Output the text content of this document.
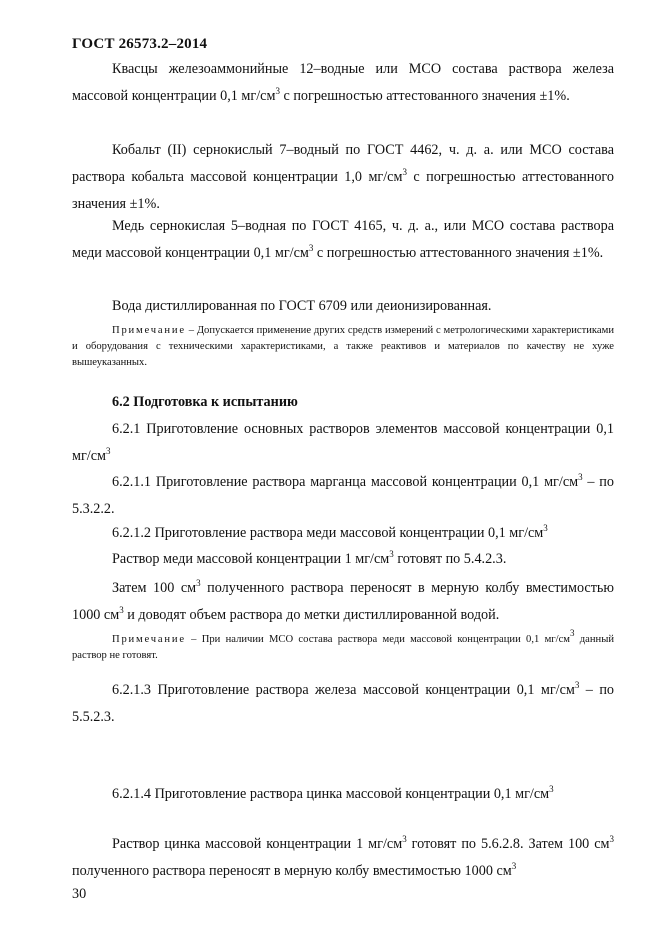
ГОСТ 26573.2–2014

Квасцы железоаммонийные 12–водные или МСО состава раствора железа массовой концентрации 0,1 $мг/см^3$ с погрешностью аттестованного значения ±1%.

Кобальт (II) сернокислый 7–водный по ГОСТ 4462, ч. д. а. или МСО состава раствора кобальта массовой концентрации 1,0 $мг/см^3$ с погрешностью аттестованного значения ±1%.

Медь сернокислая 5–водная по ГОСТ 4165, ч. д. а., или МСО состава раствора меди массовой концентрации 0,1 $мг/см^3$ с погрешностью аттестованного значения ±1%.

Вода дистиллированная по ГОСТ 6709 или деионизированная.

Примечание – Допускается применение других средств измерений с метрологическими характеристиками и оборудования с техническими характеристиками, а также реактивов и материалов по качеству не хуже вышеуказанных.

6.2 Подготовка к испытанию

6.2.1 Приготовление основных растворов элементов массовой концентрации 0,1 $мг/см^3$

6.2.1.1 Приготовление раствора марганца массовой концентрации 0,1 $мг/см^3$ – по 5.3.2.2.

6.2.1.2 Приготовление раствора меди массовой концентрации 0,1 $мг/см^3$

Раствор меди массовой концентрации 1 $мг/см^3$ готовят по 5.4.2.3.

Затем 100 $см^3$ полученного раствора переносят в мерную колбу вместимостью 1000 $см^3$ и доводят объем раствора до метки дистиллированной водой.

Примечание – При наличии МСО состава раствора меди массовой концентрации 0,1 $мг/см^3$ данный раствор не готовят.

6.2.1.3 Приготовление раствора железа массовой концентрации 0,1 $мг/см^3$ – по 5.5.2.3.

6.2.1.4 Приготовление раствора цинка массовой концентрации 0,1 $мг/см^3$

Раствор цинка массовой концентрации 1 $мг/см^3$ готовят по 5.6.2.8. Затем 100 $см^3$ полученного раствора переносят в мерную колбу вместимостью 1000 $см^3$

30
